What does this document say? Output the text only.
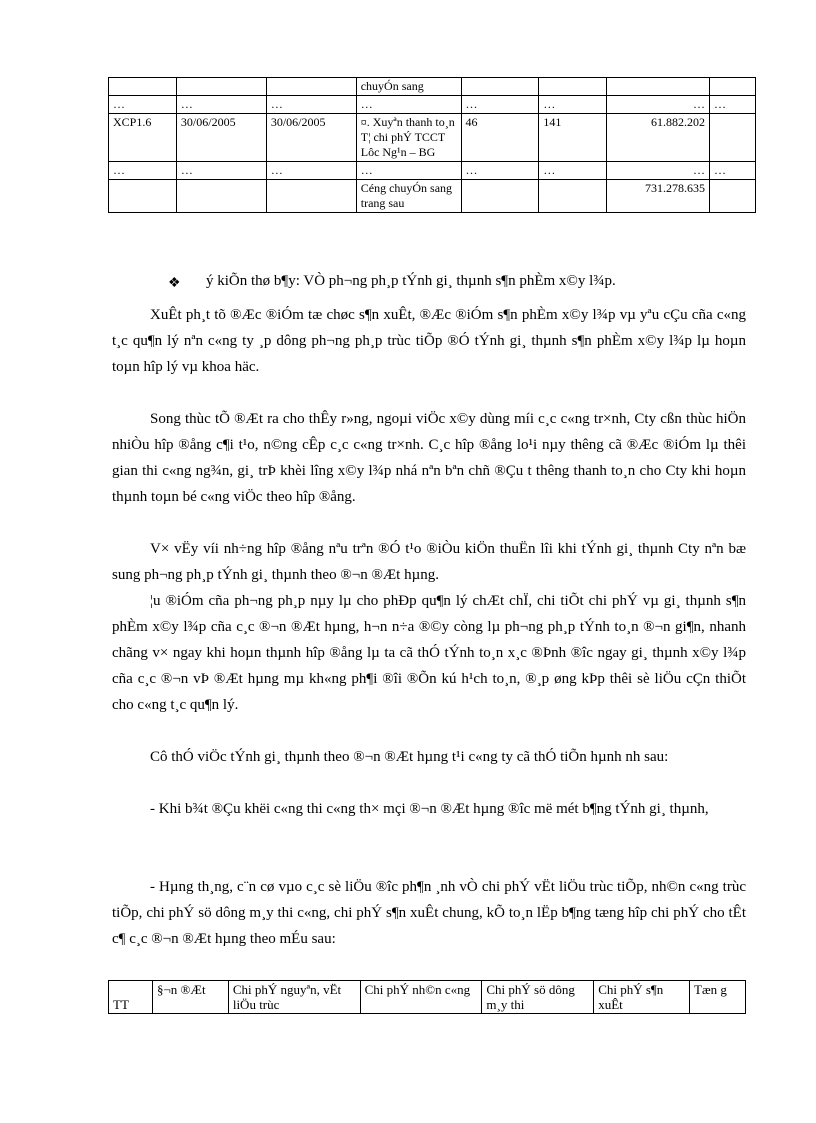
			chuyÓn sang				
…	…	…	…	…	…	…	…
XCP1.6	30/06/2005	30/06/2005	¤. Xuyªn thanh to¸n T¦ chi phÝ TCCT Lôc Ng¹n – BG	46	141	61.882.202	
…	…	…	…	…	…	…	…
			Céng chuyÓn sang trang sau			731.278.635	
❖ ý kiÕn thø b¶y: VÒ ph¬ng ph¸p tÝnh gi¸ thµnh s¶n phÈm x©y l¾p.
XuÊt ph¸t tõ ®Æc ®iÓm tæ chøc s¶n xuÊt, ®Æc ®iÓm s¶n phÈm x©y l¾p vµ yªu cÇu cña c«ng t¸c qu¶n lý nªn c«ng ty ¸p dông ph¬ng ph¸p trùc tiÕp ®Ó tÝnh gi¸ thµnh s¶n phÈm x©y l¾p lµ hoµn toµn hîp lý vµ khoa häc.
Song thùc tÕ ®Æt ra cho thÊy r»ng, ngoµi viÖc x©y dùng míi c¸c c«ng tr×nh, Cty cßn thùc hiÖn nhiÒu hîp ®ång c¶i t¹o, n©ng cÊp c¸c c«ng tr×nh. C¸c hîp ®ång lo¹i nµy thêng cã ®Æc ®iÓm lµ thêi gian thi c«ng ng¾n, gi¸ trÞ khèi lîng x©y l¾p nhá nªn bªn chñ ®Çu t thêng thanh to¸n cho Cty khi hoµn thµnh toµn bé c«ng viÖc theo hîp ®ång.
V× vËy víi nh÷ng hîp ®ång nªu trªn ®Ó t¹o ®iÒu kiÖn thuËn lîi khi tÝnh gi¸ thµnh Cty nªn bæ sung ph¬ng ph¸p tÝnh gi¸ thµnh theo ®¬n ®Æt hµng.
¦u ®iÓm cña ph¬ng ph¸p nµy lµ cho phÐp qu¶n lý chÆt chÏ, chi tiÕt chi phÝ vµ gi¸ thµnh s¶n phÈm x©y l¾p cña c¸c ®¬n ®Æt hµng, h¬n n÷a ®©y còng lµ ph¬ng ph¸p tÝnh to¸n ®¬n gi¶n, nhanh chãng v× ngay khi hoµn thµnh hîp ®ång lµ ta cã thÓ tÝnh to¸n x¸c ®Þnh ®îc ngay gi¸ thµnh x©y l¾p cña c¸c ®¬n vÞ ®Æt hµng mµ kh«ng ph¶i ®îi ®Õn kú h¹ch to¸n, ®¸p øng kÞp thêi sè liÖu cÇn thiÕt cho c«ng t¸c qu¶n lý.
Cô thÓ viÖc tÝnh gi¸ thµnh theo ®¬n ®Æt hµng t¹i c«ng ty cã thÓ tiÕn hµnh nh sau:
- Khi b¾t ®Çu khëi c«ng thi c«ng th× mçi ®¬n ®Æt hµng ®îc më mét b¶ng tÝnh gi¸ thµnh,
- Hµng th¸ng, c¨n cø vµo c¸c sè liÖu ®îc ph¶n ¸nh vÒ chi phÝ vËt liÖu trùc tiÕp, nh©n c«ng trùc tiÕp, chi phÝ sö dông m¸y thi c«ng, chi phÝ s¶n xuÊt chung, kÕ to¸n lËp b¶ng tæng hîp chi phÝ cho tÊt c¶ c¸c ®¬n ®Æt hµng theo mÉu sau:
TT	§¬n ®Æt	Chi phÝ nguyªn, vËt liÖu trùc	Chi phÝ nh©n c«ng	Chi phÝ sö dông m¸y thi	Chi phÝ s¶n xuÊt	Tæn g
